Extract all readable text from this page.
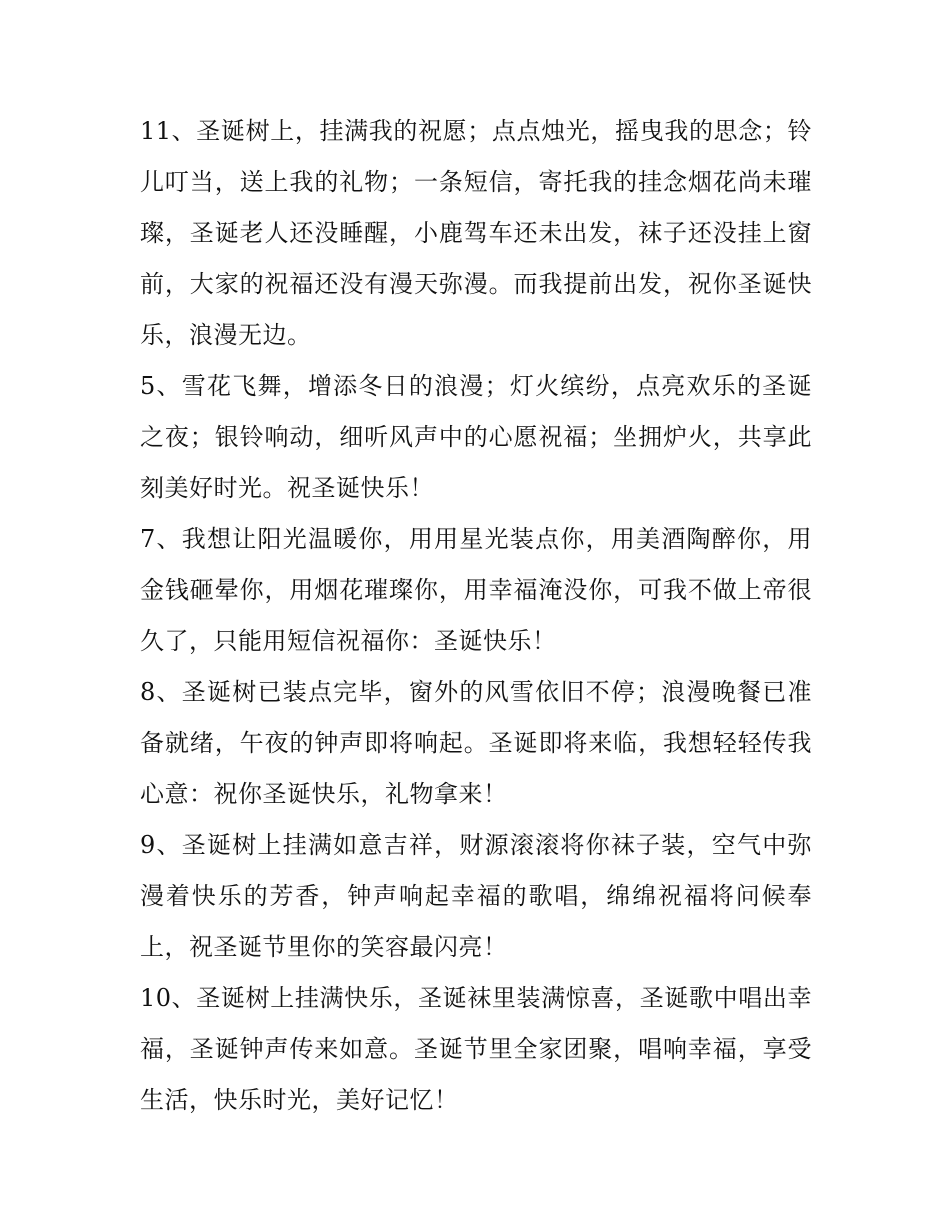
11、圣诞树上，挂满我的祝愿；点点烛光，摇曳我的思念；铃儿叮当，送上我的礼物；一条短信，寄托我的挂念烟花尚未璀璨，圣诞老人还没睡醒，小鹿驾车还未出发，袜子还没挂上窗前，大家的祝福还没有漫天弥漫。而我提前出发，祝你圣诞快乐，浪漫无边。

5、雪花飞舞，增添冬日的浪漫；灯火缤纷，点亮欢乐的圣诞之夜；银铃响动，细听风声中的心愿祝福；坐拥炉火，共享此刻美好时光。祝圣诞快乐！

7、我想让阳光温暖你，用用星光装点你，用美酒陶醉你，用金钱砸晕你，用烟花璀璨你，用幸福淹没你，可我不做上帝很久了，只能用短信祝福你：圣诞快乐！

8、圣诞树已装点完毕，窗外的风雪依旧不停；浪漫晚餐已准备就绪，午夜的钟声即将响起。圣诞即将来临，我想轻轻传我心意：祝你圣诞快乐，礼物拿来！

9、圣诞树上挂满如意吉祥，财源滚滚将你袜子装，空气中弥漫着快乐的芳香，钟声响起幸福的歌唱，绵绵祝福将问候奉上，祝圣诞节里你的笑容最闪亮！

10、圣诞树上挂满快乐，圣诞袜里装满惊喜，圣诞歌中唱出幸福，圣诞钟声传来如意。圣诞节里全家团聚，唱响幸福，享受生活，快乐时光，美好记忆！
